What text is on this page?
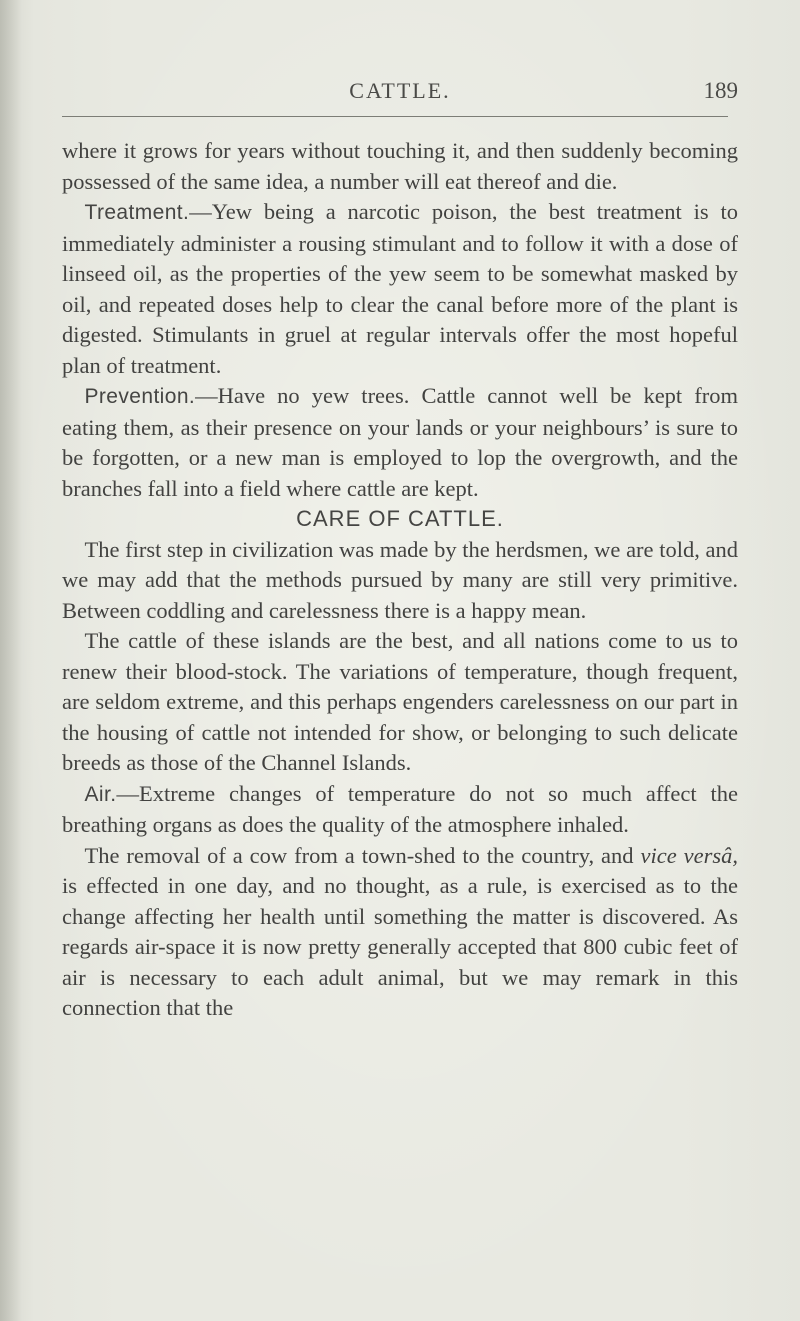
CATTLE.	189

where it grows for years without touching it, and then suddenly becoming possessed of the same idea, a number will eat thereof and die.

 Treatment.—Yew being a narcotic poison, the best treatment is to immediately administer a rousing stimulant and to follow it with a dose of linseed oil, as the properties of the yew seem to be somewhat masked by oil, and repeated doses help to clear the canal before more of the plant is digested. Stimulants in gruel at regular intervals offer the most hopeful plan of treatment.

 Prevention.—Have no yew trees. Cattle cannot well be kept from eating them, as their presence on your lands or your neighbours’ is sure to be forgotten, or a new man is employed to lop the overgrowth, and the branches fall into a field where cattle are kept.

CARE OF CATTLE.

 The first step in civilization was made by the herdsmen, we are told, and we may add that the methods pursued by many are still very primitive. Between coddling and carelessness there is a happy mean.

 The cattle of these islands are the best, and all nations come to us to renew their blood-stock. The variations of temperature, though frequent, are seldom extreme, and this perhaps engenders carelessness on our part in the housing of cattle not intended for show, or belonging to such delicate breeds as those of the Channel Islands.

 Air.—Extreme changes of temperature do not so much affect the breathing organs as does the quality of the atmosphere inhaled.

 The removal of a cow from a town-shed to the country, and vice versâ, is effected in one day, and no thought, as a rule, is exercised as to the change affecting her health until something the matter is discovered. As regards air-space it is now pretty generally accepted that 800 cubic feet of air is necessary to each adult animal, but we may remark in this connection that the
